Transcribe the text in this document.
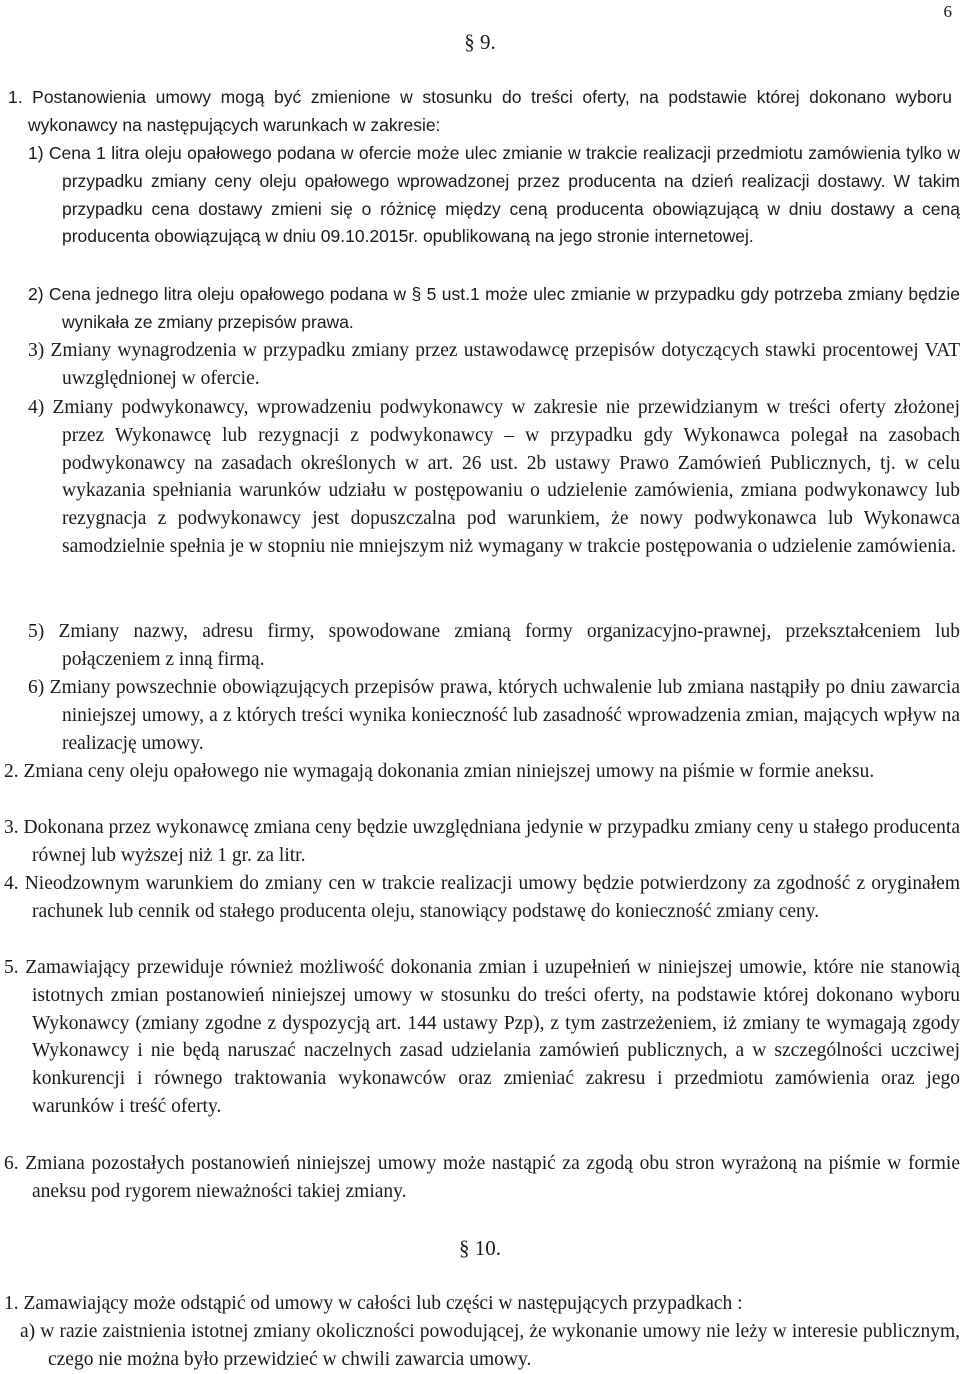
6
§ 9.

1. Postanowienia umowy mogą być zmienione w stosunku do treści oferty, na podstawie której dokonano wyboru wykonawcy na następujących warunkach w zakresie:

1) Cena 1 litra oleju opałowego podana w ofercie może ulec zmianie w trakcie realizacji przedmiotu zamówienia tylko w przypadku zmiany ceny oleju opałowego wprowadzonej przez producenta na dzień realizacji dostawy. W takim przypadku cena dostawy zmieni się o różnicę między ceną producenta obowiązującą w dniu dostawy a ceną producenta obowiązującą w dniu 09.10.2015r. opublikowaną na jego stronie internetowej.

2) Cena jednego litra oleju opałowego podana w § 5 ust.1 może ulec zmianie w przypadku gdy potrzeba zmiany będzie wynikała ze zmiany przepisów prawa.

3) Zmiany wynagrodzenia w przypadku zmiany przez ustawodawcę przepisów dotyczących stawki procentowej VAT uwzględnionej w ofercie.

4) Zmiany podwykonawcy, wprowadzeniu podwykonawcy w zakresie nie przewidzianym w treści oferty złożonej przez Wykonawcę lub rezygnacji z podwykonawcy – w przypadku gdy Wykonawca polegał na zasobach podwykonawcy na zasadach określonych w art. 26 ust. 2b ustawy Prawo Zamówień Publicznych, tj. w celu wykazania spełniania warunków udziału w postępowaniu o udzielenie zamówienia, zmiana podwykonawcy lub rezygnacja z podwykonawcy jest dopuszczalna pod warunkiem, że nowy podwykonawca lub Wykonawca samodzielnie spełnia je w stopniu nie mniejszym niż wymagany w trakcie postępowania o udzielenie zamówienia.

5) Zmiany nazwy, adresu firmy, spowodowane zmianą formy organizacyjno-prawnej, przekształceniem lub połączeniem z inną firmą.

6) Zmiany powszechnie obowiązujących przepisów prawa, których uchwalenie lub zmiana nastąpiły po dniu zawarcia niniejszej umowy, a z których treści wynika konieczność lub zasadność wprowadzenia zmian, mających wpływ na realizację umowy.

2. Zmiana ceny oleju opałowego nie wymagają dokonania zmian niniejszej umowy na piśmie w formie aneksu.

3. Dokonana przez wykonawcę zmiana ceny będzie uwzględniana jedynie w przypadku zmiany ceny u stałego producenta równej lub wyższej niż 1 gr. za litr.

4. Nieodzownym warunkiem do zmiany cen w trakcie realizacji umowy będzie potwierdzony za zgodność z oryginałem rachunek lub cennik od stałego producenta oleju, stanowiący podstawę do konieczność zmiany ceny.

5. Zamawiający przewiduje również możliwość dokonania zmian i uzupełnień w niniejszej umowie, które nie stanowią istotnych zmian postanowień niniejszej umowy w stosunku do treści oferty, na podstawie której dokonano wyboru Wykonawcy (zmiany zgodne z dyspozycją art. 144 ustawy Pzp), z tym zastrzeżeniem, iż zmiany te wymagają zgody Wykonawcy i nie będą naruszać naczelnych zasad udzielania zamówień publicznych, a w szczególności uczciwej konkurencji i równego traktowania wykonawców oraz zmieniać zakresu i przedmiotu zamówienia oraz jego warunków i treść oferty.

6. Zmiana pozostałych postanowień niniejszej umowy może nastąpić za zgodą obu stron wyrażoną na piśmie w formie aneksu pod rygorem nieważności takiej zmiany.

§ 10.

1. Zamawiający może odstąpić od umowy w całości lub części w następujących przypadkach :

a) w razie zaistnienia istotnej zmiany okoliczności powodującej, że wykonanie umowy nie leży w interesie publicznym, czego nie można było przewidzieć w chwili zawarcia umowy.
